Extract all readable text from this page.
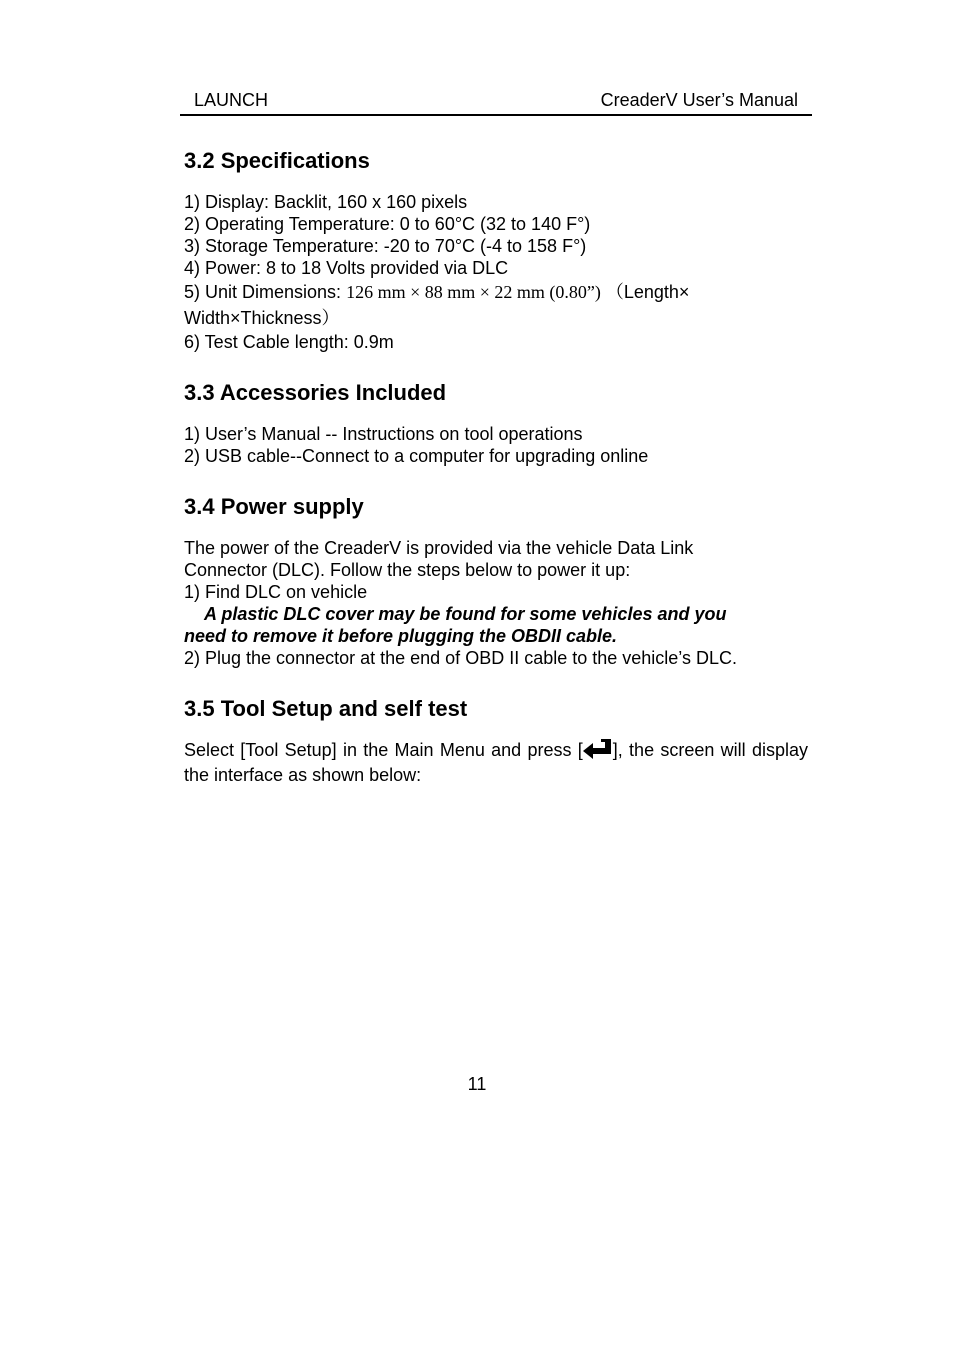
LAUNCH	CreaderV User’s Manual
3.2 Specifications

1) Display: Backlit, 160 x 160 pixels

2) Operating Temperature: 0 to 60°C (32 to 140 F°)

3) Storage Temperature: -20 to 70°C (-4 to 158 F°)

4) Power: 8 to 18 Volts provided via DLC

5) Unit Dimensions: 126 mm × 88 mm × 22 mm (0.80”) （Length×

Width×Thickness）

6) Test Cable length: 0.9m

3.3 Accessories Included

1) User’s Manual -- Instructions on tool operations

2) USB cable--Connect to a computer for upgrading online

3.4 Power supply

The power of the CreaderV is provided via the vehicle Data Link

Connector (DLC). Follow the steps below to power it up:

1) Find DLC on vehicle

A plastic DLC cover may be found for some vehicles and you

need to remove it before plugging the OBDII cable.

2) Plug the connector at the end of OBD II cable to the vehicle’s DLC.

3.5 Tool Setup and self test

Select [Tool Setup] in the Main Menu and press [ ], the screen will display the interface as shown below:

11
